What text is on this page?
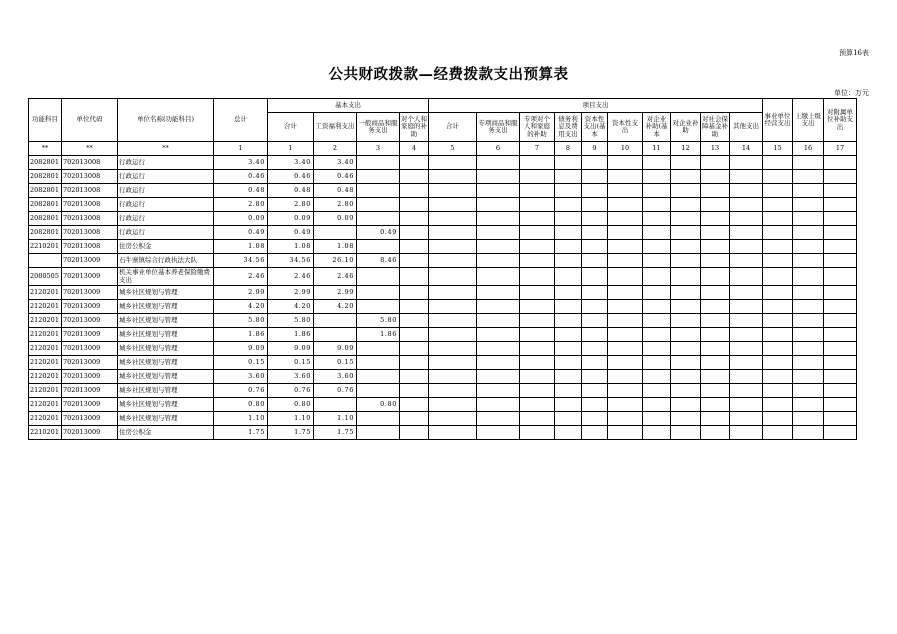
预算16表
公共财政拨款—经费拨款支出预算表
单位：万元
功能科目	单位代码	单位名称(功能科目)	总计	基本支出				项目支出										事业单位经营支出	上缴上级支出	对附属单位补助支出
				合计	工资福利支出	一般商品和服务支出	对个人和家庭的补助	合计	专项商品和服务支出	专项对个人和家庭的补助	债务利息及费用支出	资本性支出(基本	资本性支出	对企业补助(基本	对企业补助	对社会保障基金补助	其他支出			
**	**	**	1	1	2	3	4	5	6	7	8	9	10	11	12	13	14	15	16	17
2082801	702013008	行政运行	3.40	3.40	3.40															
2082801	702013008	行政运行	0.46	0.46	0.46															
2082801	702013008	行政运行	0.48	0.48	0.48															
2082801	702013008	行政运行	2.80	2.80	2.80															
2082801	702013008	行政运行	0.09	0.09	0.09															
2082801	702013008	行政运行	0.49	0.49		0.49														
2210201	702013008	住房公积金	1.08	1.08	1.08															
	702013009	石牛寨镇综合行政执法大队	34.56	34.56	26.10	8.46														
2080505	702013009	机关事业单位基本养老保险缴费支出	2.46	2.46	2.46															
2120201	702013009	城乡社区规划与管理	2.99	2.99	2.99															
2120201	702013009	城乡社区规划与管理	4.20	4.20	4.20															
2120201	702013009	城乡社区规划与管理	5.80	5.80		5.80														
2120201	702013009	城乡社区规划与管理	1.86	1.86		1.86														
2120201	702013009	城乡社区规划与管理	9.09	9.09	9.09															
2120201	702013009	城乡社区规划与管理	0.15	0.15	0.15															
2120201	702013009	城乡社区规划与管理	3.60	3.60	3.60															
2120201	702013009	城乡社区规划与管理	0.76	0.76	0.76															
2120201	702013009	城乡社区规划与管理	0.80	0.80		0.80														
2120201	702013009	城乡社区规划与管理	1.10	1.10	1.10															
2210201	702013009	住房公积金	1.75	1.75	1.75															
